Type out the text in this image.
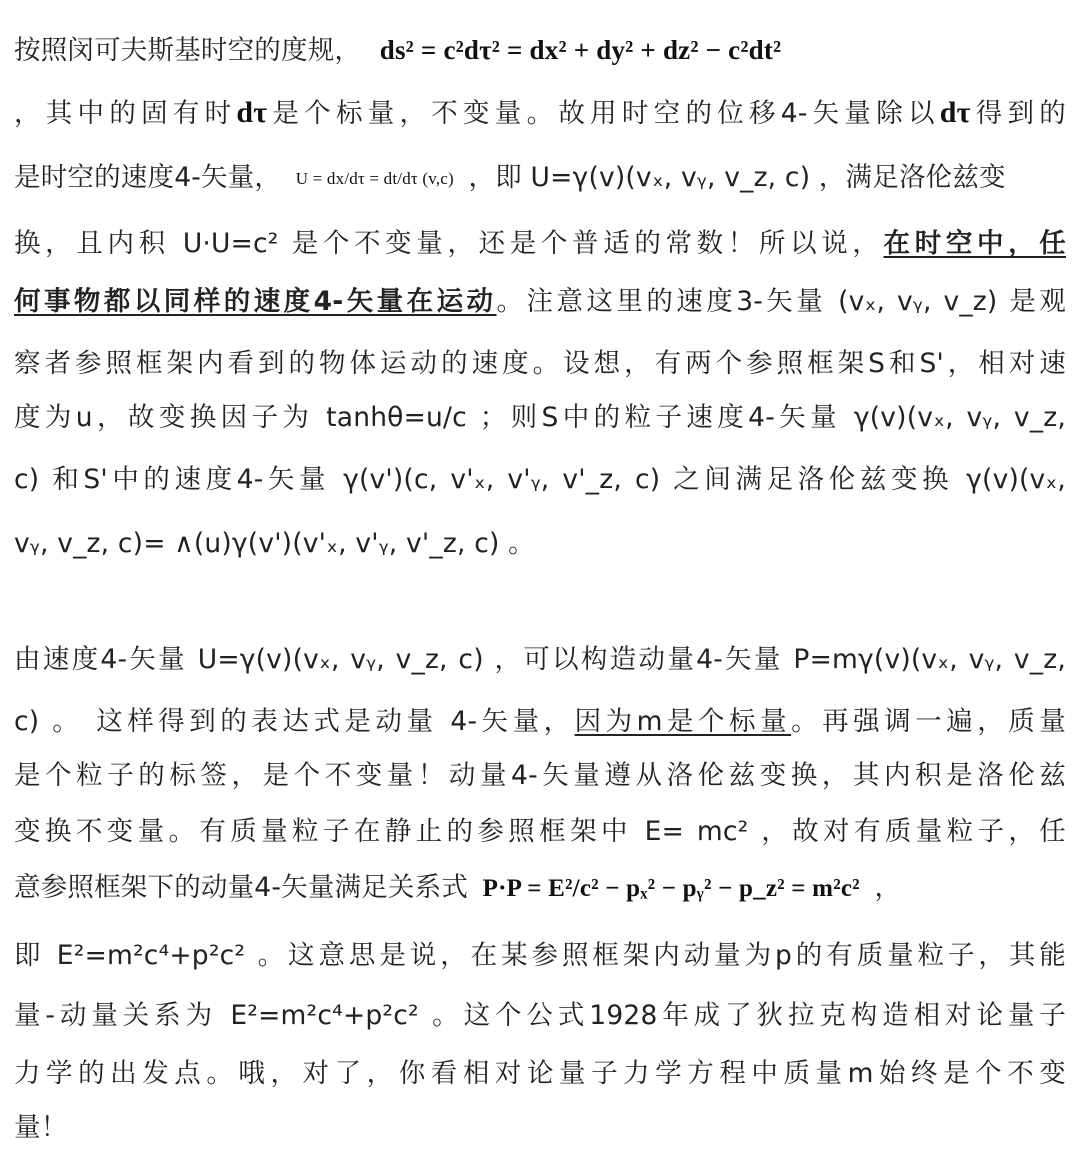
按照闵可夫斯基时空的度规， ds² = c²dτ² = dx² + dy² + dz² − c²dt²
，其中的固有时dτ是个标量，不变量。故用时空的位移4-矢量除以dτ得到的
是时空的速度4-矢量， U = dx/dτ = dt/dτ (v,c) ，即 U=γ(v)(vₓ, vᵧ, v_z, c) ，满足洛伦兹变
换，且内积 U·U=c² 是个不变量，还是个普适的常数！所以说，在时空中，任
何事物都以同样的速度4-矢量在运动。注意这里的速度3-矢量 (vₓ, vᵧ, v_z) 是观
察者参照框架内看到的物体运动的速度。设想，有两个参照框架S和S'，相对速
度为u，故变换因子为 tanhθ=u/c ；则S中的粒子速度4-矢量 γ(v)(vₓ, vᵧ, v_z,
c) 和S'中的速度4-矢量 γ(v')(c, v'ₓ, v'ᵧ, v'_z, c) 之间满足洛伦兹变换 γ(v)(vₓ,
vᵧ, v_z, c)= ∧(u)γ(v')(v'ₓ, v'ᵧ, v'_z, c) 。
由速度4-矢量 U=γ(v)(vₓ, vᵧ, v_z, c) ，可以构造动量4-矢量 P=mγ(v)(vₓ, vᵧ, v_z,
c) 。 这样得到的表达式是动量 4-矢量，因为m是个标量。再强调一遍，质量
是个粒子的标签，是个不变量！动量4-矢量遵从洛伦兹变换，其内积是洛伦兹
变换不变量。有质量粒子在静止的参照框架中 E= mc² ，故对有质量粒子，任
意参照框架下的动量4-矢量满足关系式 P·P = E²/c² − pₓ² − pᵧ² − p_z² = m²c² ，
即 E²=m²c⁴+p²c² 。这意思是说，在某参照框架内动量为p的有质量粒子，其能
量-动量关系为 E²=m²c⁴+p²c² 。这个公式1928年成了狄拉克构造相对论量子
力学的出发点。哦，对了，你看相对论量子力学方程中质量m始终是个不变
量！
